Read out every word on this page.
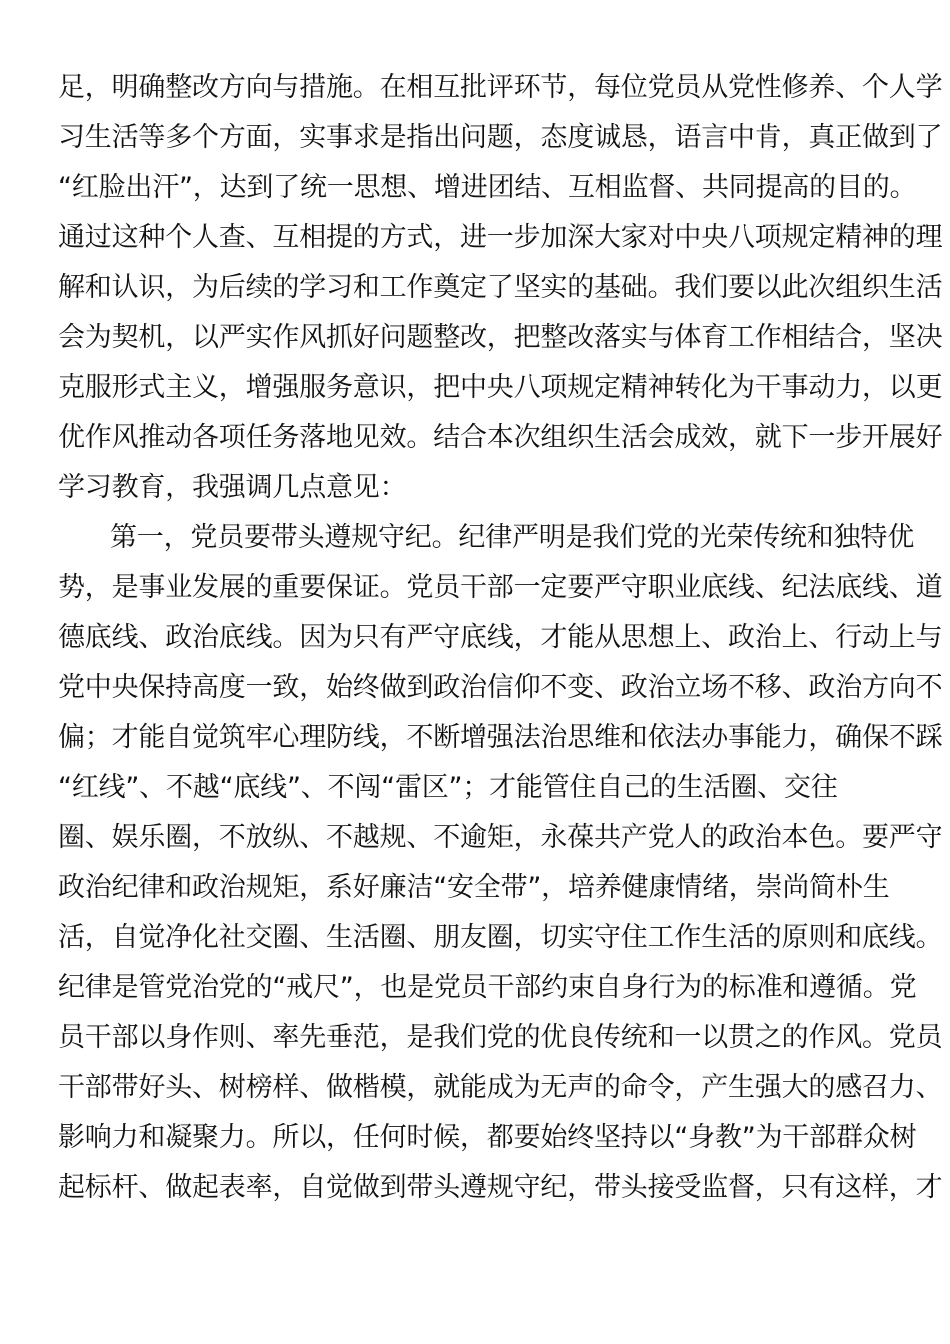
足，明确整改方向与措施。在相互批评环节，每位党员从党性修养、个人学
习生活等多个方面，实事求是指出问题，态度诚恳，语言中肯，真正做到了
“红脸出汗”，达到了统一思想、增进团结、互相监督、共同提高的目的。
通过这种个人查、互相提的方式，进一步加深大家对中央八项规定精神的理
解和认识，为后续的学习和工作奠定了坚实的基础。我们要以此次组织生活
会为契机，以严实作风抓好问题整改，把整改落实与体育工作相结合，坚决
克服形式主义，增强服务意识，把中央八项规定精神转化为干事动力，以更
优作风推动各项任务落地见效。结合本次组织生活会成效，就下一步开展好
学习教育，我强调几点意见：
第一，党员要带头遵规守纪。纪律严明是我们党的光荣传统和独特优
势，是事业发展的重要保证。党员干部一定要严守职业底线、纪法底线、道
德底线、政治底线。因为只有严守底线，才能从思想上、政治上、行动上与
党中央保持高度一致，始终做到政治信仰不变、政治立场不移、政治方向不
偏；才能自觉筑牢心理防线，不断增强法治思维和依法办事能力，确保不踩
“红线”、不越“底线”、不闯“雷区”；才能管住自己的生活圈、交往
圈、娱乐圈，不放纵、不越规、不逾矩，永葆共产党人的政治本色。要严守
政治纪律和政治规矩，系好廉洁“安全带”，培养健康情绪，崇尚简朴生
活，自觉净化社交圈、生活圈、朋友圈，切实守住工作生活的原则和底线。
纪律是管党治党的“戒尺”，也是党员干部约束自身行为的标准和遵循。党
员干部以身作则、率先垂范，是我们党的优良传统和一以贯之的作风。党员
干部带好头、树榜样、做楷模，就能成为无声的命令，产生强大的感召力、
影响力和凝聚力。所以，任何时候，都要始终坚持以“身教”为干部群众树
起标杆、做起表率，自觉做到带头遵规守纪，带头接受监督，只有这样，才
